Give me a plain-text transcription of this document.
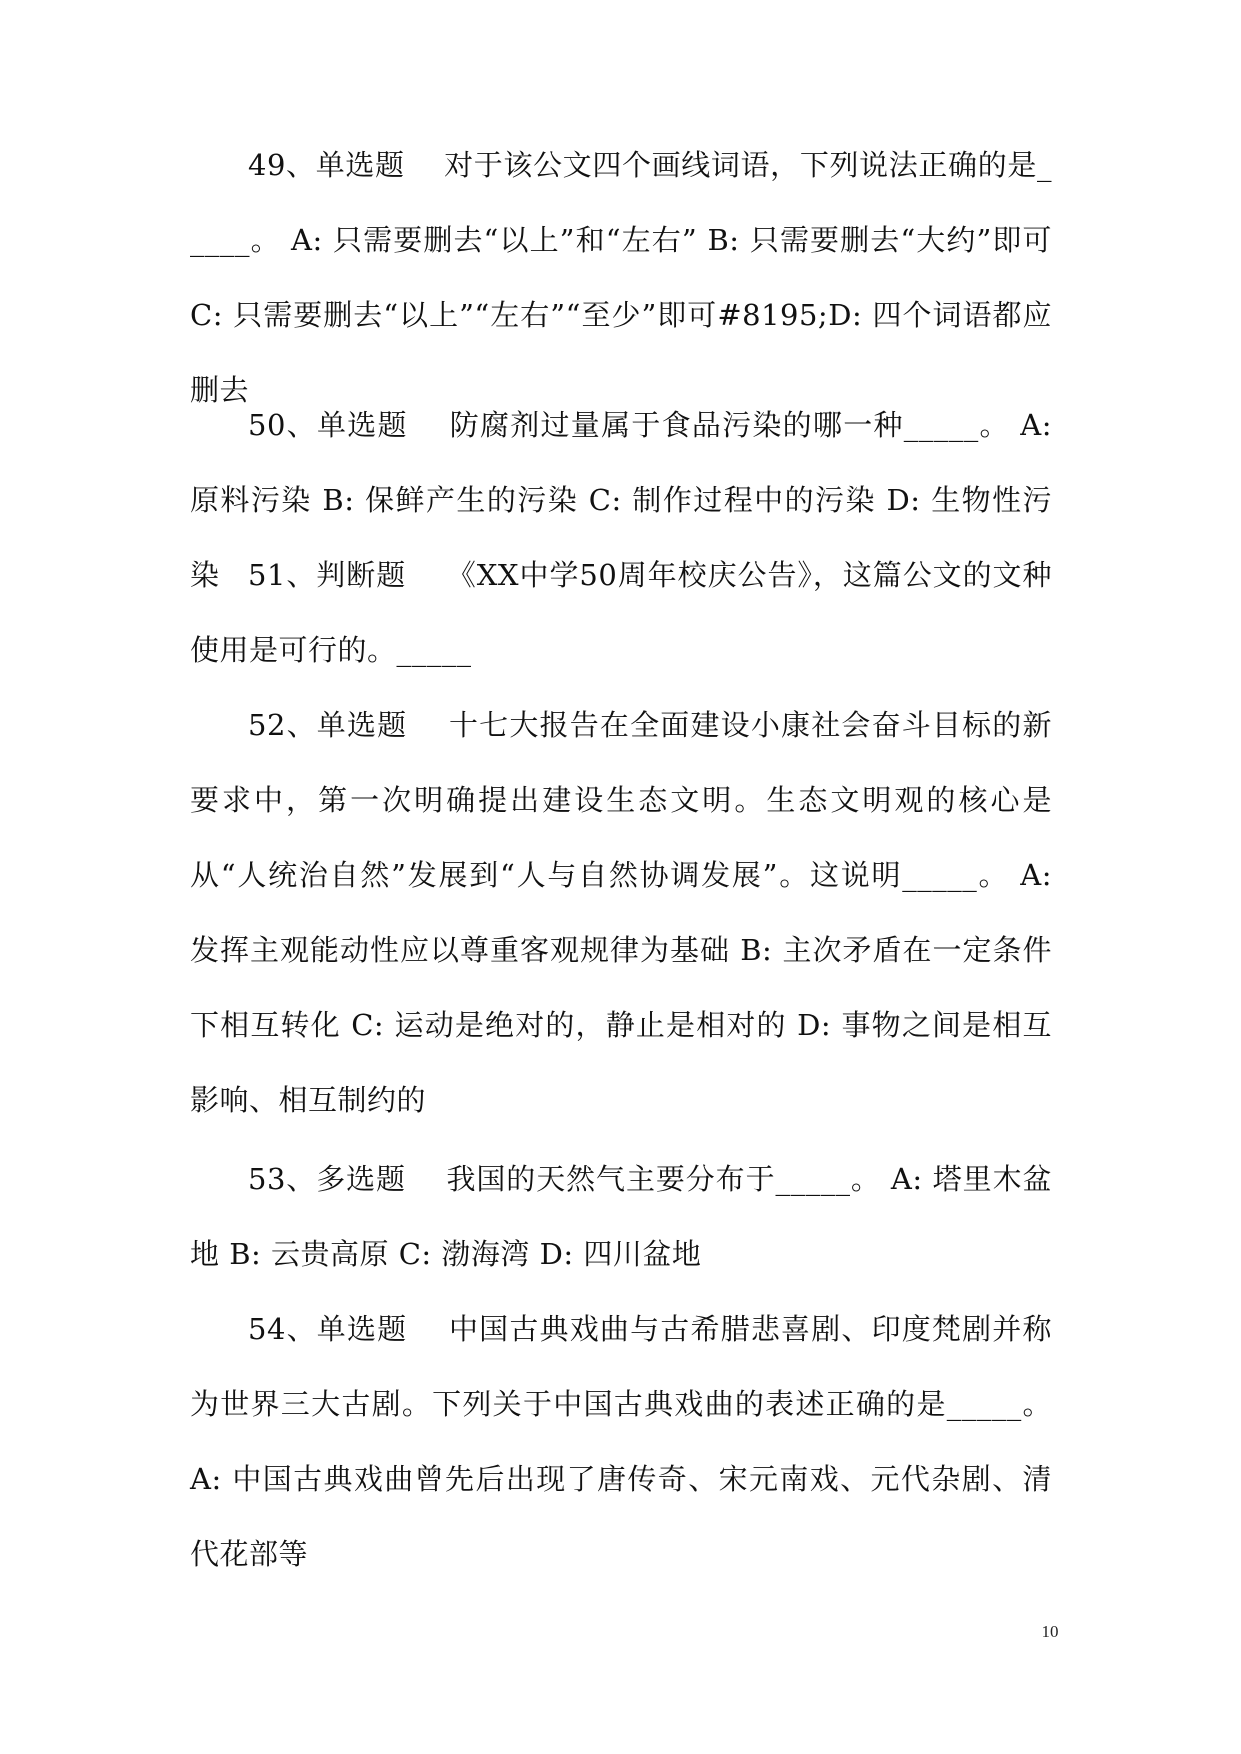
49、单选题 对于该公文四个画线词语，下列说法正确的是_____。 A: 只需要删去“以上”和“左右” B: 只需要删去“大约”即可 C: 只需要删去“以上”“左右”“至少”即可#8195;D: 四个词语都应删去

50、单选题 防腐剂过量属于食品污染的哪一种_____。 A: 原料污染 B: 保鲜产生的污染 C: 制作过程中的污染 D: 生物性污染 51、判断题 《XX中学50周年校庆公告》，这篇公文的文种使用是可行的。_____

52、单选题 十七大报告在全面建设小康社会奋斗目标的新要求中，第一次明确提出建设生态文明。生态文明观的核心是从“人统治自然”发展到“人与自然协调发展”。这说明_____。 A: 发挥主观能动性应以尊重客观规律为基础 B: 主次矛盾在一定条件下相互转化 C: 运动是绝对的，静止是相对的 D: 事物之间是相互影响、相互制约的

53、多选题 我国的天然气主要分布于_____。 A: 塔里木盆地 B: 云贵高原 C: 渤海湾 D: 四川盆地

54、单选题 中国古典戏曲与古希腊悲喜剧、印度梵剧并称为世界三大古剧。下列关于中国古典戏曲的表述正确的是_____。 A: 中国古典戏曲曾先后出现了唐传奇、宋元南戏、元代杂剧、清代花部等

10
